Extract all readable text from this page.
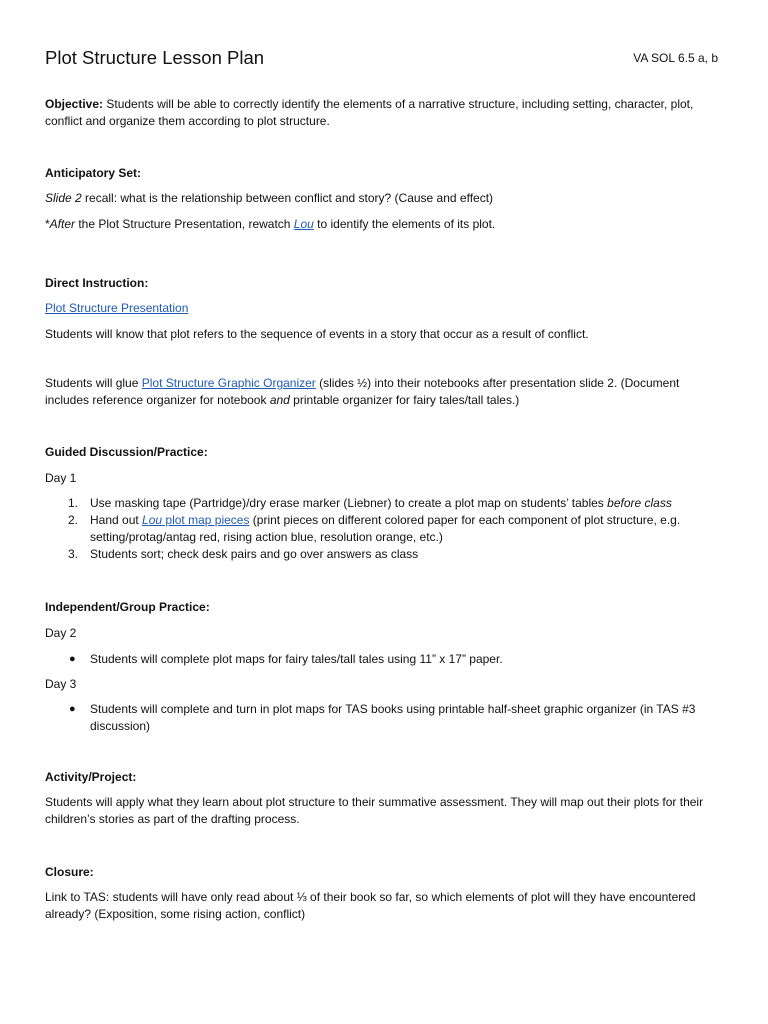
Plot Structure Lesson Plan	VA SOL 6.5 a, b

Objective: Students will be able to correctly identify the elements of a narrative structure, including setting, character, plot, conflict and organize them according to plot structure.

Anticipatory Set:
Slide 2 recall: what is the relationship between conflict and story? (Cause and effect)
*After the Plot Structure Presentation, rewatch Lou to identify the elements of its plot.
Direct Instruction:
Plot Structure Presentation
Students will know that plot refers to the sequence of events in a story that occur as a result of conflict.
Students will glue Plot Structure Graphic Organizer (slides ½) into their notebooks after presentation slide 2. (Document includes reference organizer for notebook and printable organizer for fairy tales/tall tales.)
Guided Discussion/Practice:
Day 1
1. Use masking tape (Partridge)/dry erase marker (Liebner) to create a plot map on students’ tables before class
2. Hand out Lou plot map pieces (print pieces on different colored paper for each component of plot structure, e.g. setting/protag/antag red, rising action blue, resolution orange, etc.)
3. Students sort; check desk pairs and go over answers as class
Independent/Group Practice:
Day 2
● Students will complete plot maps for fairy tales/tall tales using 11” x 17” paper.
Day 3
● Students will complete and turn in plot maps for TAS books using printable half-sheet graphic organizer (in TAS #3 discussion)
Activity/Project:
Students will apply what they learn about plot structure to their summative assessment. They will map out their plots for their children’s stories as part of the drafting process.
Closure:
Link to TAS: students will have only read about ⅓ of their book so far, so which elements of plot will they have encountered already? (Exposition, some rising action, conflict)
